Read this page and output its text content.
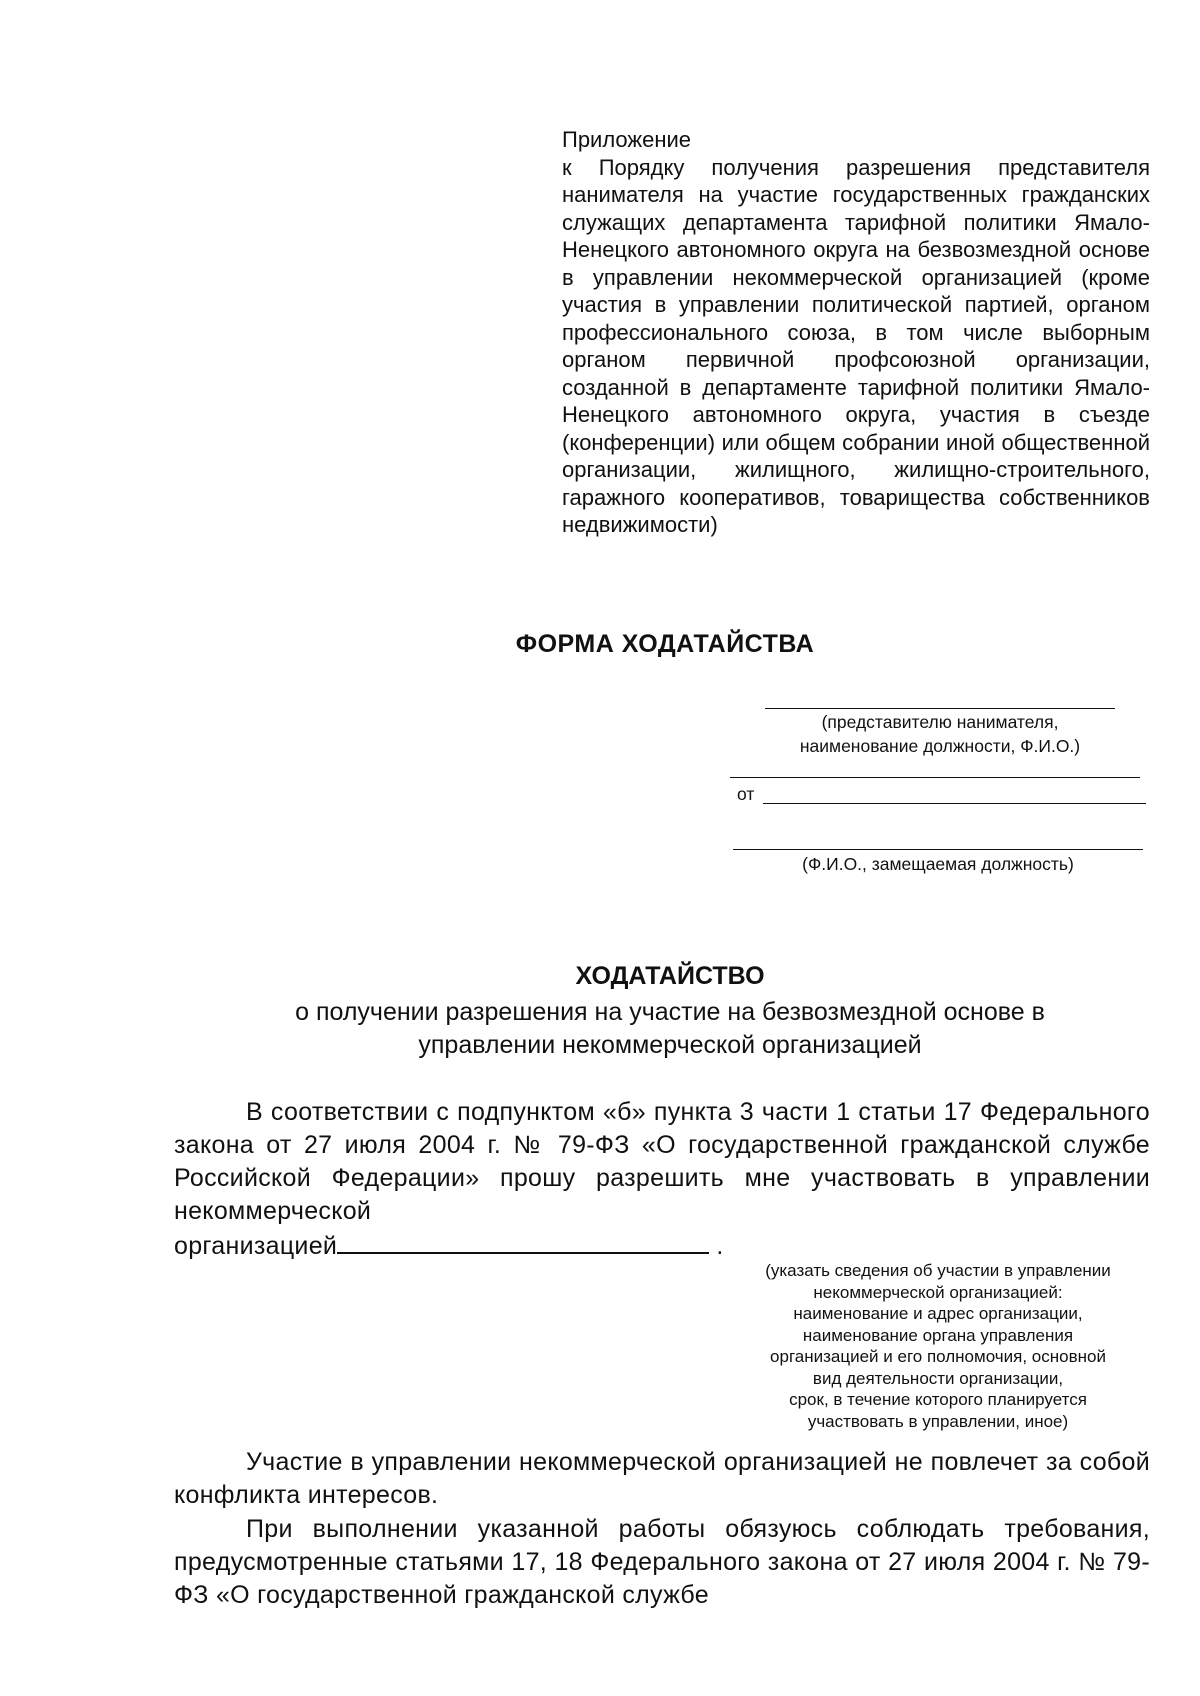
Приложение
к Порядку получения разрешения представителя нанимателя на участие государственных гражданских служащих департамента тарифной политики Ямало-Ненецкого автономного округа на безвозмездной основе в управлении некоммерческой организацией (кроме участия в управлении политической партией, органом профессионального союза, в том числе выборным органом первичной профсоюзной организации, созданной в департаменте тарифной политики Ямало-Ненецкого автономного округа, участия в съезде (конференции) или общем собрании иной общественной организации, жилищного, жилищно-строительного, гаражного кооперативов, товарищества собственников недвижимости)
ФОРМА ХОДАТАЙСТВА
(представителю нанимателя,
наименование должности, Ф.И.О.)
от
(Ф.И.О., замещаемая должность)
ХОДАТАЙСТВО
о получении разрешения на участие на безвозмездной основе в
управлении некоммерческой организацией
В соответствии с подпунктом «б» пункта 3 части 1 статьи 17 Федерального закона от 27 июля 2004 г. № 79-ФЗ «О государственной гражданской службе Российской Федерации» прошу разрешить мне участвовать в управлении некоммерческой
организацией	.
(указать сведения об участии в управлении
некоммерческой организацией:
наименование и адрес организации,
наименование органа управления
организацией и его полномочия, основной
вид деятельности организации,
срок, в течение которого планируется
участвовать в управлении, иное)
Участие в управлении некоммерческой организацией не повлечет за собой конфликта интересов.
При выполнении указанной работы обязуюсь соблюдать требования, предусмотренные статьями 17, 18 Федерального закона от 27 июля 2004 г. № 79-ФЗ «О государственной гражданской службе
